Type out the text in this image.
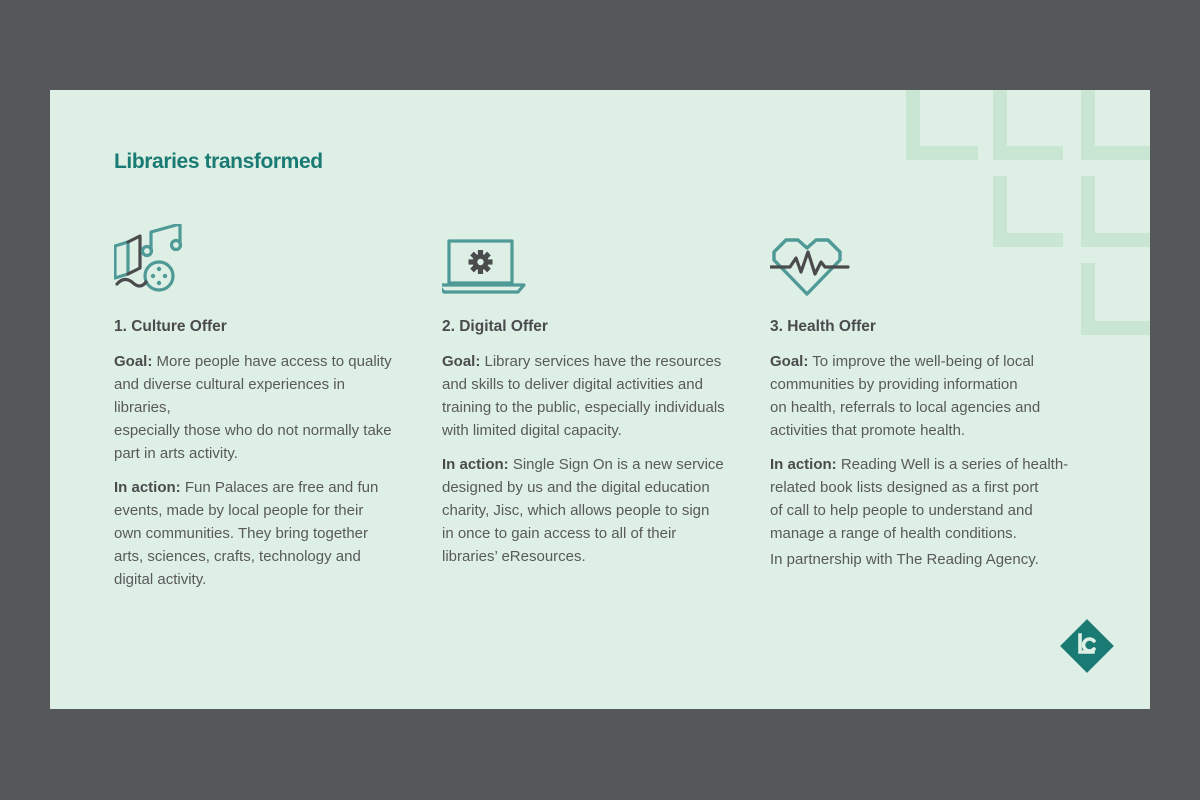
Libraries transformed
1. Culture Offer

Goal: More people have access to quality
and diverse cultural experiences in
libraries,
especially those who do not normally take
part in arts activity.

In action: Fun Palaces are free and fun
events, made by local people for their
own communities. They bring together
arts, sciences, crafts, technology and
digital activity.

2. Digital Offer

Goal: Library services have the resources
and skills to deliver digital activities and
training to the public, especially individuals
with limited digital capacity.

In action: Single Sign On is a new service
designed by us and the digital education
charity, Jisc, which allows people to sign
in once to gain access to all of their
libraries’ eResources.

3. Health Offer

Goal: To improve the well-being of local
communities by providing information
on health, referrals to local agencies and
activities that promote health.

In action: Reading Well is a series of health-
related book lists designed as a first port
of call to help people to understand and
manage a range of health conditions.

In partnership with The Reading Agency.
